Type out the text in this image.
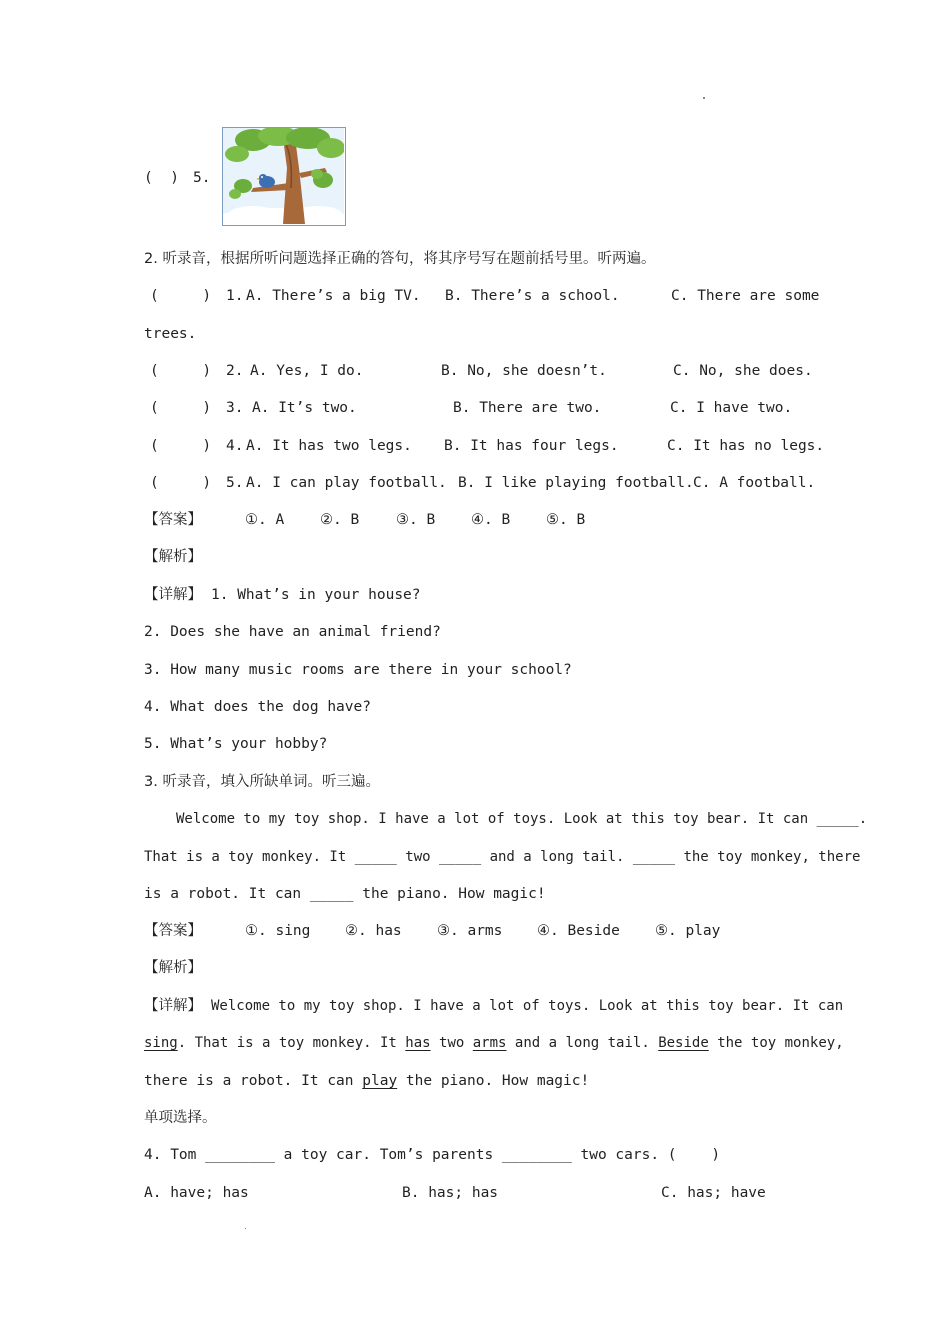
(  ) 5.
2. 听录音，根据所听问题选择正确的答句，将其序号写在题前括号里。听两遍。
(     ) 1. A. There’s a big TV. B. There’s a school.	C. There are some
trees.
(     ) 2. A. Yes, I do.	B. No, she doesn’t.	C. No, she does.
(     ) 3. A. It’s two.	B. There are two.	C. I have two.
(     ) 4. A. It has two legs. B. It has four legs.	C. It has no legs.
(     ) 5. A. I can play football. B. I like playing football. C. A football.
【答案】	①. A ②. B	③. B ④. B ⑤. B
【解析】
【详解】 1. What’s in your house?
2. Does she have an animal friend?
3. How many music rooms are there in your school?
4. What does the dog have?
5. What’s your hobby?
3. 听录音，填入所缺单词。听三遍。
Welcome to my toy shop. I have a lot of toys. Look at this toy bear. It can _____.
That is a toy monkey. It _____ two _____ and a long tail. _____ the toy monkey, there
is a robot. It can _____ the piano. How magic!
【答案】	①. sing ②. has ③. arms ④. Beside ⑤. play
【解析】
【详解】 Welcome to my toy shop. I have a lot of toys. Look at this toy bear. It can
sing. That is a toy monkey. It has two arms and a long tail. Beside the toy monkey,
there is a robot. It can play the piano. How magic!
单项选择。
4. Tom ________ a toy car. Tom’s parents ________ two cars. (    )
A. have; has	B. has; has	C. has; have
